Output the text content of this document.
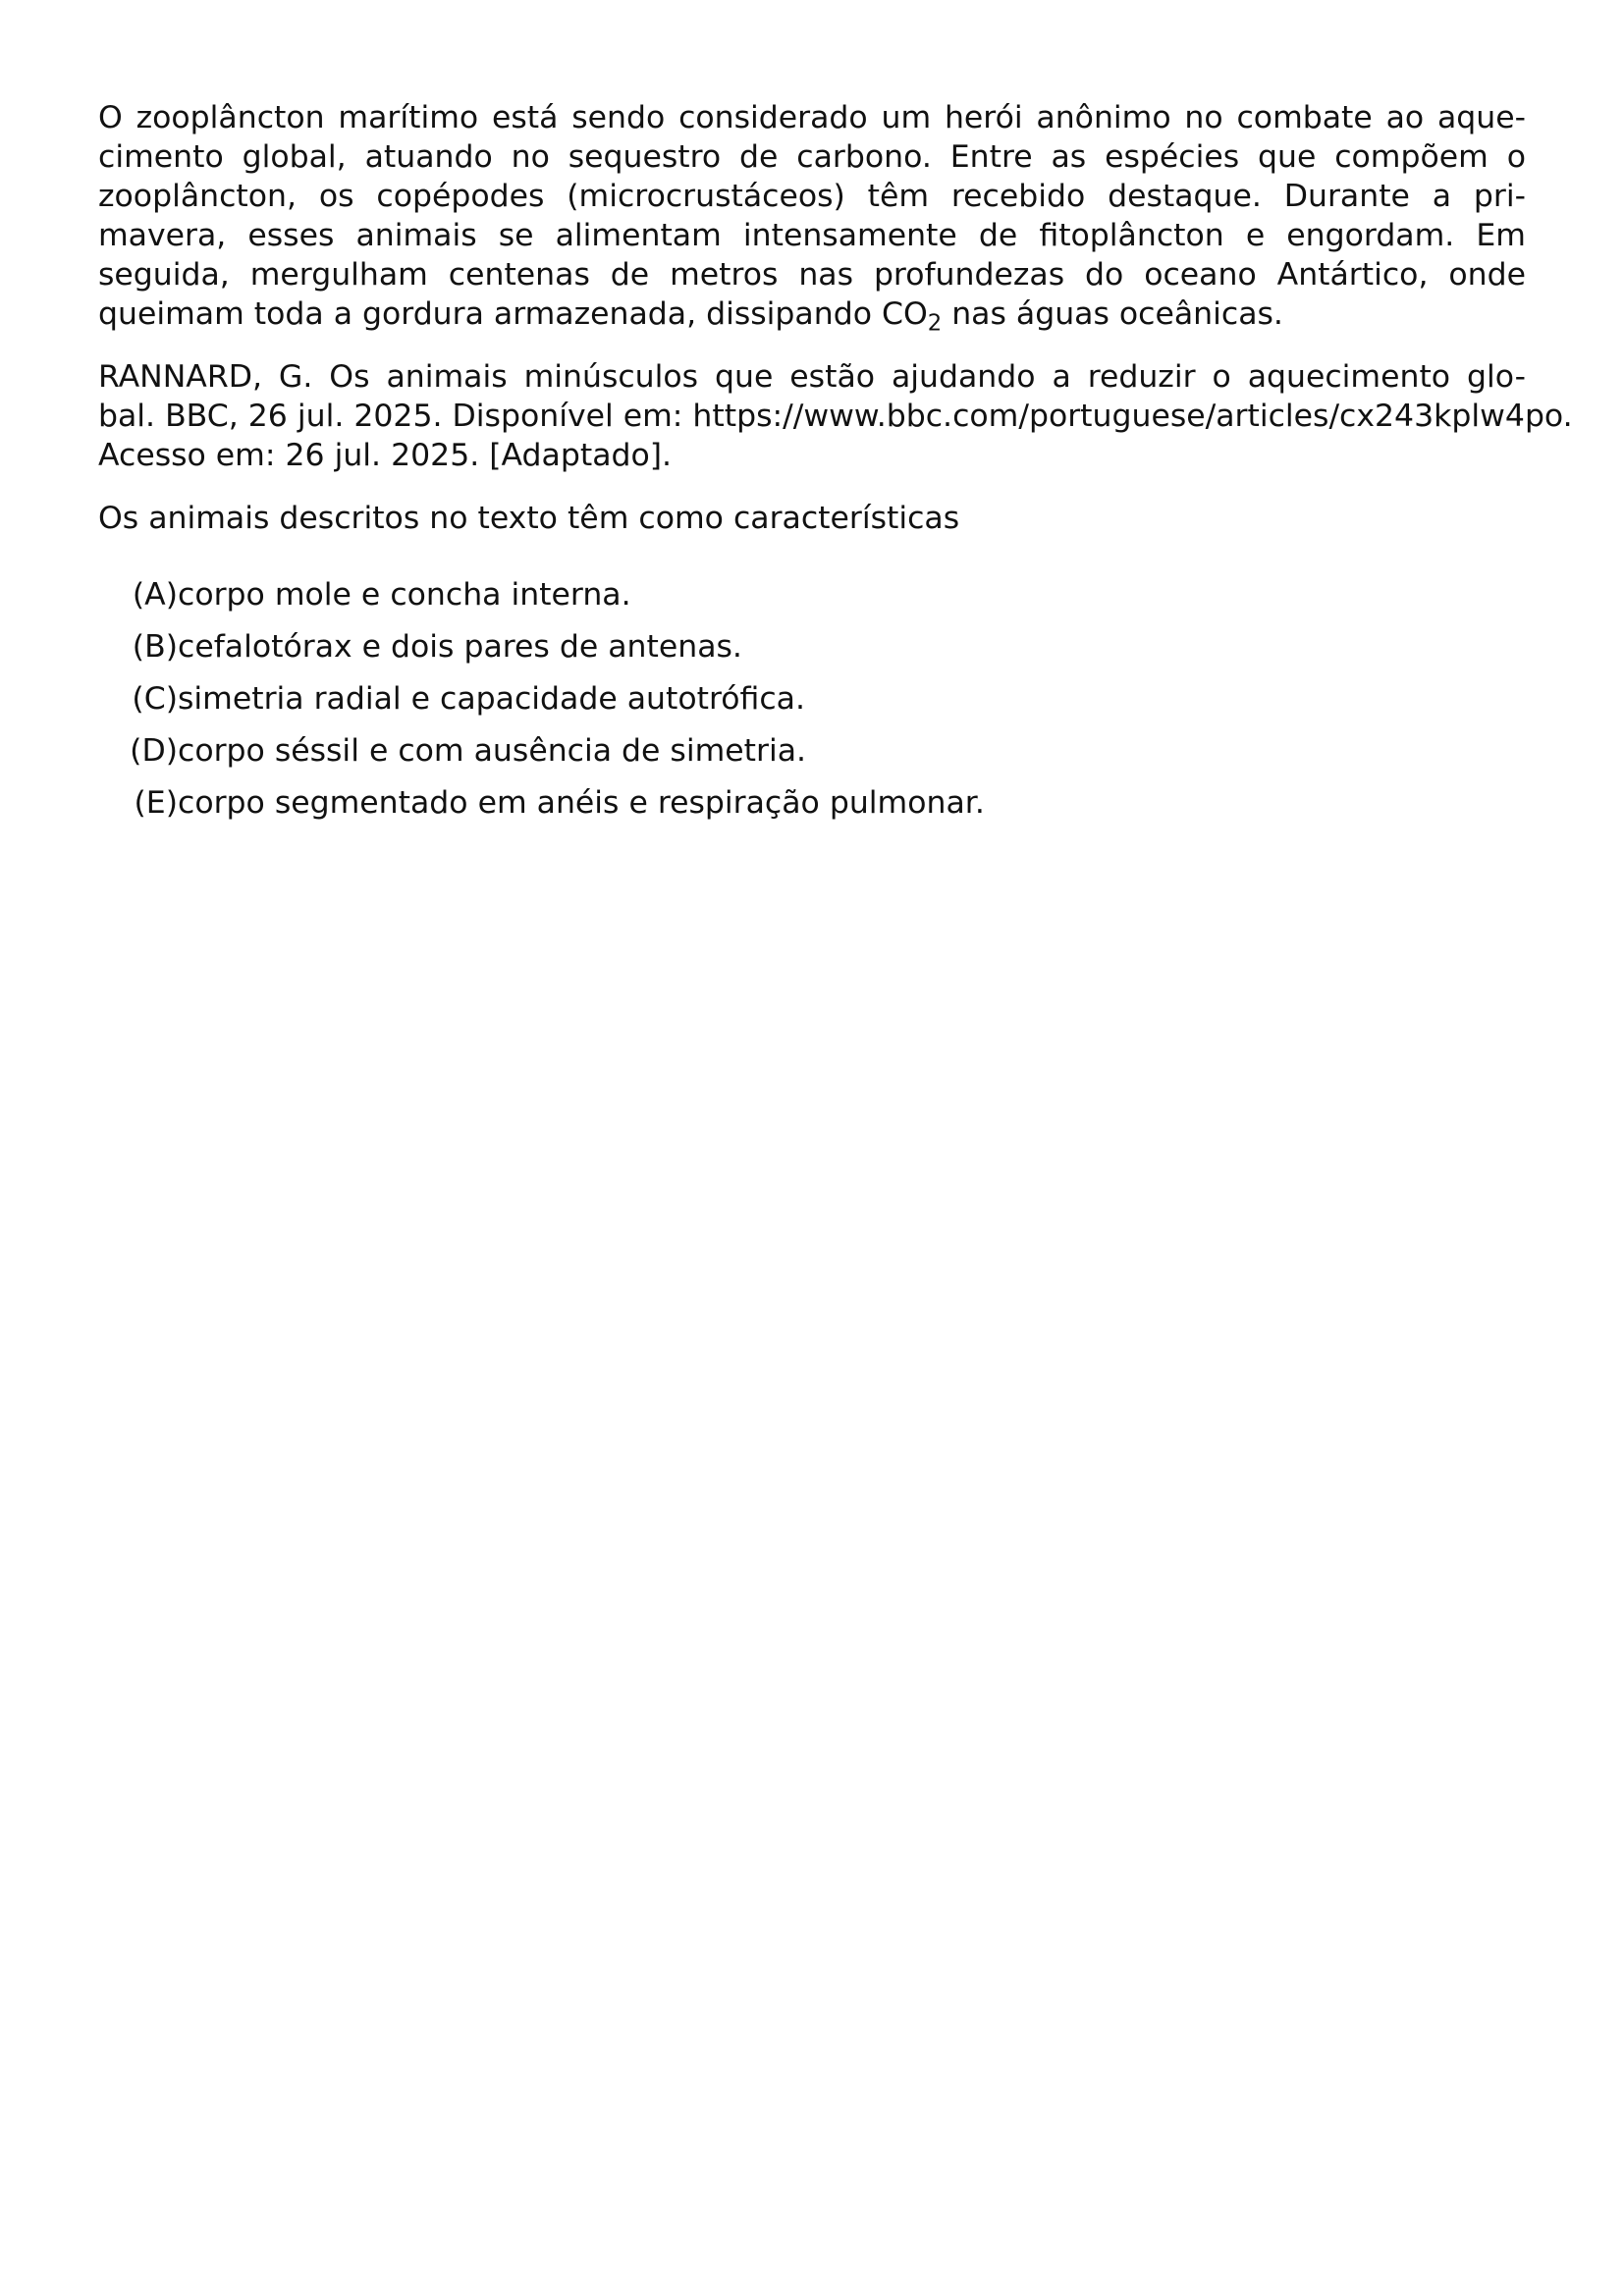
O zooplâncton marítimo está sendo considerado um herói anônimo no combate ao aque-
cimento global, atuando no sequestro de carbono. Entre as espécies que compõem o
zooplâncton, os copépodes (microcrustáceos) têm recebido destaque. Durante a pri-
mavera, esses animais se alimentam intensamente de fitoplâncton e engordam. Em
seguida, mergulham centenas de metros nas profundezas do oceano Antártico, onde
queimam toda a gordura armazenada, dissipando $CO_2$ nas águas oceânicas.

RANNARD, G. Os animais minúsculos que estão ajudando a reduzir o aquecimento glo-
bal. BBC, 26 jul. 2025. Disponível em: https://www.bbc.com/portuguese/articles/cx243kplw4po.
Acesso em: 26 jul. 2025. [Adaptado].

Os animais descritos no texto têm como características

(A) corpo mole e concha interna.
(B) cefalotórax e dois pares de antenas.
(C) simetria radial e capacidade autotrófica.
(D) corpo séssil e com ausência de simetria.
(E) corpo segmentado em anéis e respiração pulmonar.
